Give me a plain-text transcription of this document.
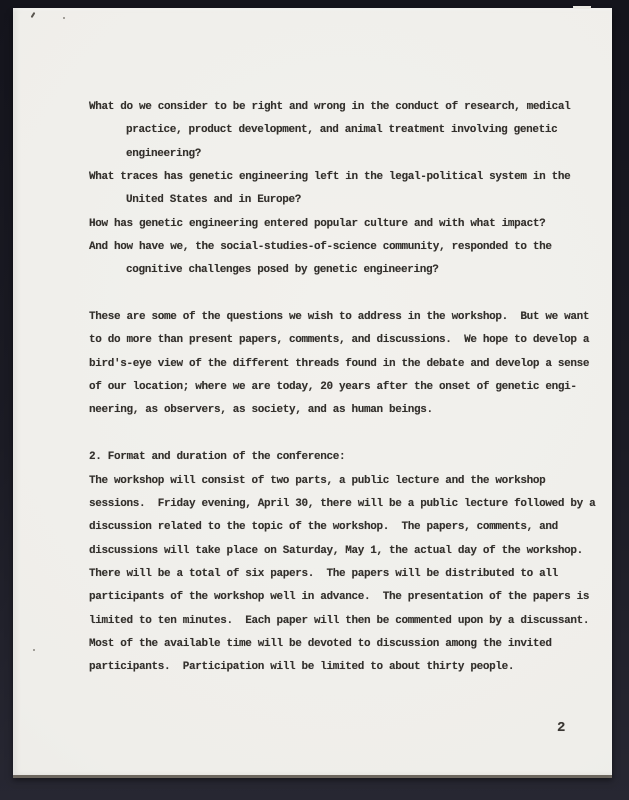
What do we consider to be right and wrong in the conduct of research, medical
practice, product development, and animal treatment involving genetic
engineering?
What traces has genetic engineering left in the legal-political system in the
United States and in Europe?
How has genetic engineering entered popular culture and with what impact?
And how have we, the social-studies-of-science community, responded to the
cognitive challenges posed by genetic engineering?
These are some of the questions we wish to address in the workshop.  But we want
to do more than present papers, comments, and discussions.  We hope to develop a
bird's-eye view of the different threads found in the debate and develop a sense
of our location; where we are today, 20 years after the onset of genetic engi-
neering, as observers, as society, and as human beings.
2. Format and duration of the conference:
The workshop will consist of two parts, a public lecture and the workshop
sessions.  Friday evening, April 30, there will be a public lecture followed by a
discussion related to the topic of the workshop.  The papers, comments, and
discussions will take place on Saturday, May 1, the actual day of the workshop.
There will be a total of six papers.  The papers will be distributed to all
participants of the workshop well in advance.  The presentation of the papers is
limited to ten minutes.  Each paper will then be commented upon by a discussant.
Most of the available time will be devoted to discussion among the invited
participants.  Participation will be limited to about thirty people.
2
